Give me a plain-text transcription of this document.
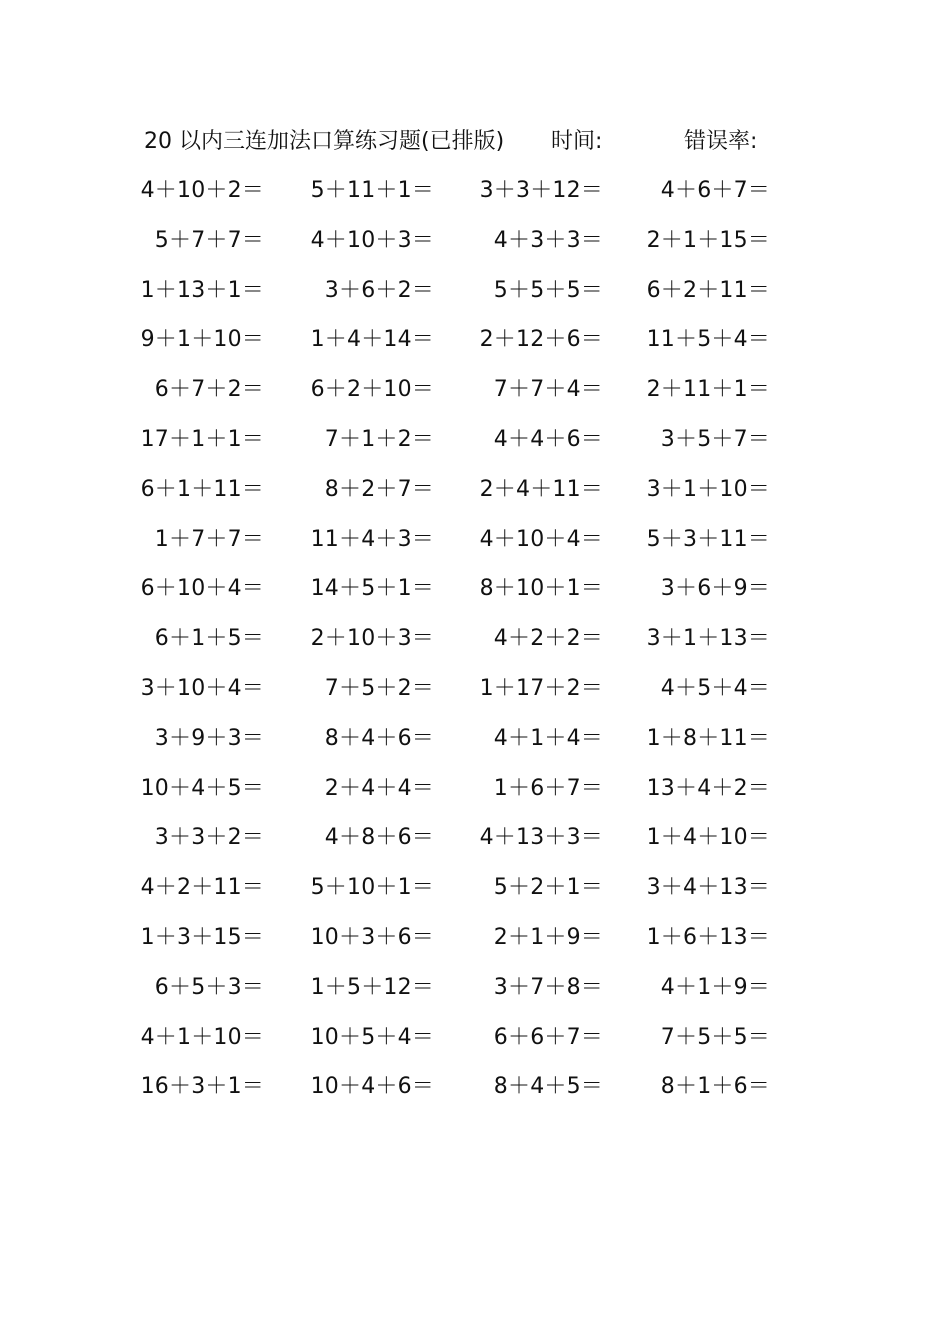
20 以内三连加法口算练习题(已排版) 时间:	错误率:
4＋10＋2＝	5＋11＋1＝	3＋3＋12＝	4＋6＋7＝
5＋7＋7＝	4＋10＋3＝	4＋3＋3＝	2＋1＋15＝
1＋13＋1＝	3＋6＋2＝	5＋5＋5＝	6＋2＋11＝
9＋1＋10＝	1＋4＋14＝	2＋12＋6＝	11＋5＋4＝
6＋7＋2＝	6＋2＋10＝	7＋7＋4＝	2＋11＋1＝
17＋1＋1＝	7＋1＋2＝	4＋4＋6＝	3＋5＋7＝
6＋1＋11＝	8＋2＋7＝	2＋4＋11＝	3＋1＋10＝
1＋7＋7＝	11＋4＋3＝	4＋10＋4＝	5＋3＋11＝
6＋10＋4＝	14＋5＋1＝	8＋10＋1＝	3＋6＋9＝
6＋1＋5＝	2＋10＋3＝	4＋2＋2＝	3＋1＋13＝
3＋10＋4＝	7＋5＋2＝	1＋17＋2＝	4＋5＋4＝
3＋9＋3＝	8＋4＋6＝	4＋1＋4＝	1＋8＋11＝
10＋4＋5＝	2＋4＋4＝	1＋6＋7＝	13＋4＋2＝
3＋3＋2＝	4＋8＋6＝	4＋13＋3＝	1＋4＋10＝
4＋2＋11＝	5＋10＋1＝	5＋2＋1＝	3＋4＋13＝
1＋3＋15＝	10＋3＋6＝	2＋1＋9＝	1＋6＋13＝
6＋5＋3＝	1＋5＋12＝	3＋7＋8＝	4＋1＋9＝
4＋1＋10＝	10＋5＋4＝	6＋6＋7＝	7＋5＋5＝
16＋3＋1＝	10＋4＋6＝	8＋4＋5＝	8＋1＋6＝
